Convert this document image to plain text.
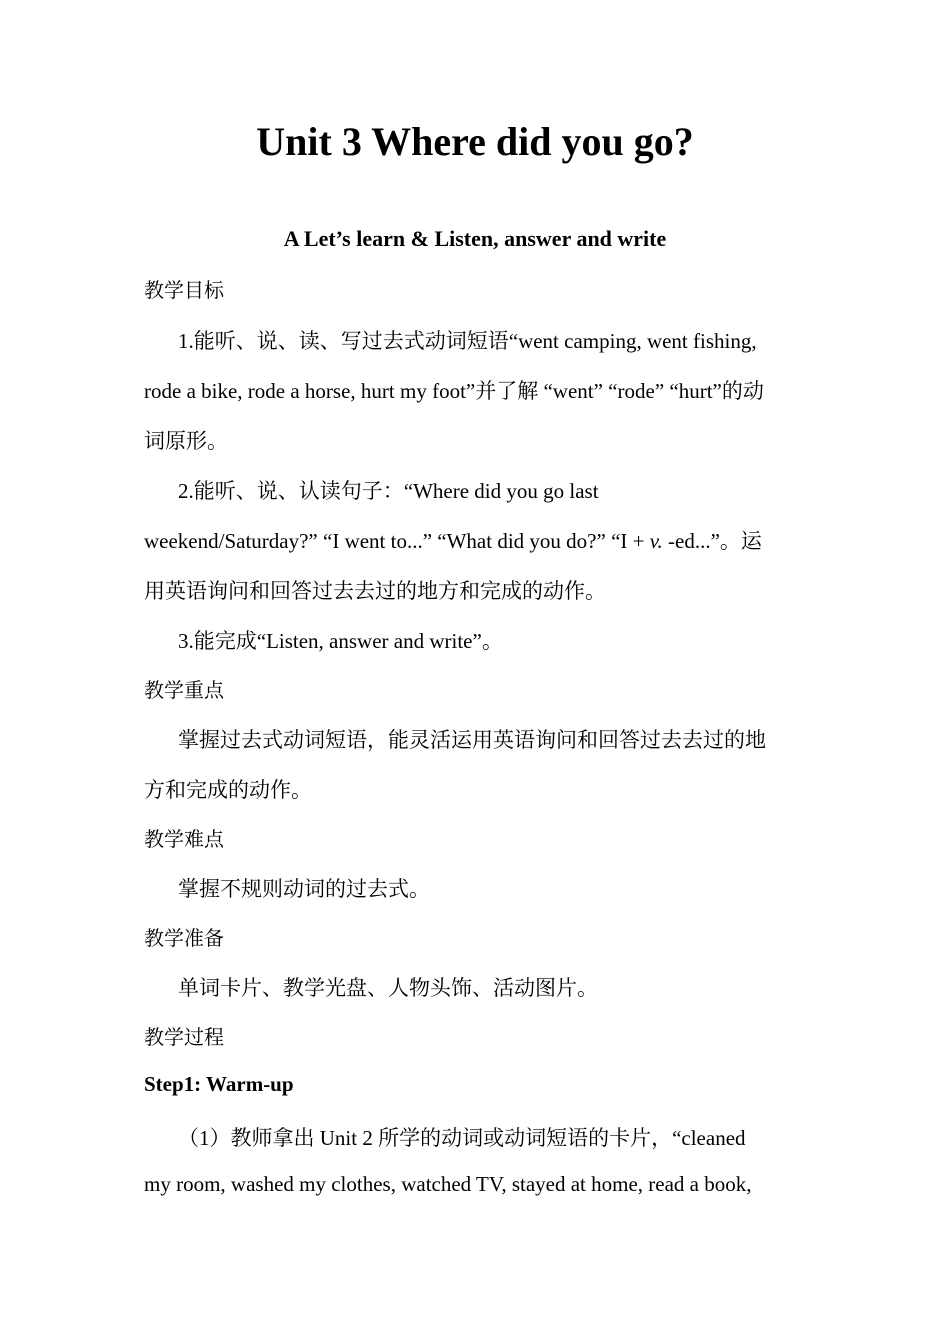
Unit 3 Where did you go?
A Let’s learn & Listen, answer and write

教学目标

1.能听、说、读、写过去式动词短语“went camping, went fishing,

rode a bike, rode a horse, hurt my foot”并了解 “went” “rode” “hurt”的动

词原形。

2.能听、说、认读句子：“Where did you go last

weekend/Saturday?” “I went to...” “What did you do?” “I + v. -ed...”。运

用英语询问和回答过去去过的地方和完成的动作。

3.能完成“Listen, answer and write”。

教学重点

掌握过去式动词短语，能灵活运用英语询问和回答过去去过的地

方和完成的动作。

教学难点

掌握不规则动词的过去式。

教学准备

单词卡片、教学光盘、人物头饰、活动图片。

教学过程

Step1: Warm-up

（1）教师拿出 Unit 2 所学的动词或动词短语的卡片，“cleaned

my room, washed my clothes, watched TV, stayed at home, read a book,
